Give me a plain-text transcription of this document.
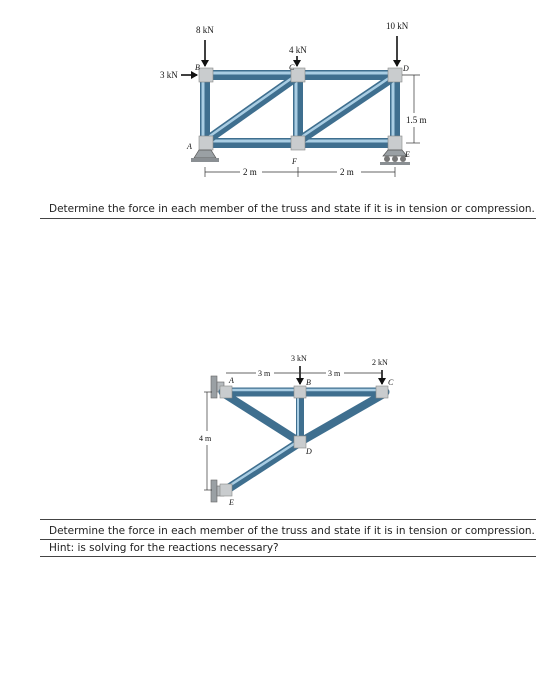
8 kN
4 kN
10 kN
3 kN
2 m	2 m
1.5 m
A
B	C	D
E
F
Determine the force in each member of the truss and state if it is in tension or compression.
3 kN	2 kN
3 m	3 m
4 m
A	B	C
D
E
Determine the force in each member of the truss and state if it is in tension or compression.
Hint: is solving for the reactions necessary?
